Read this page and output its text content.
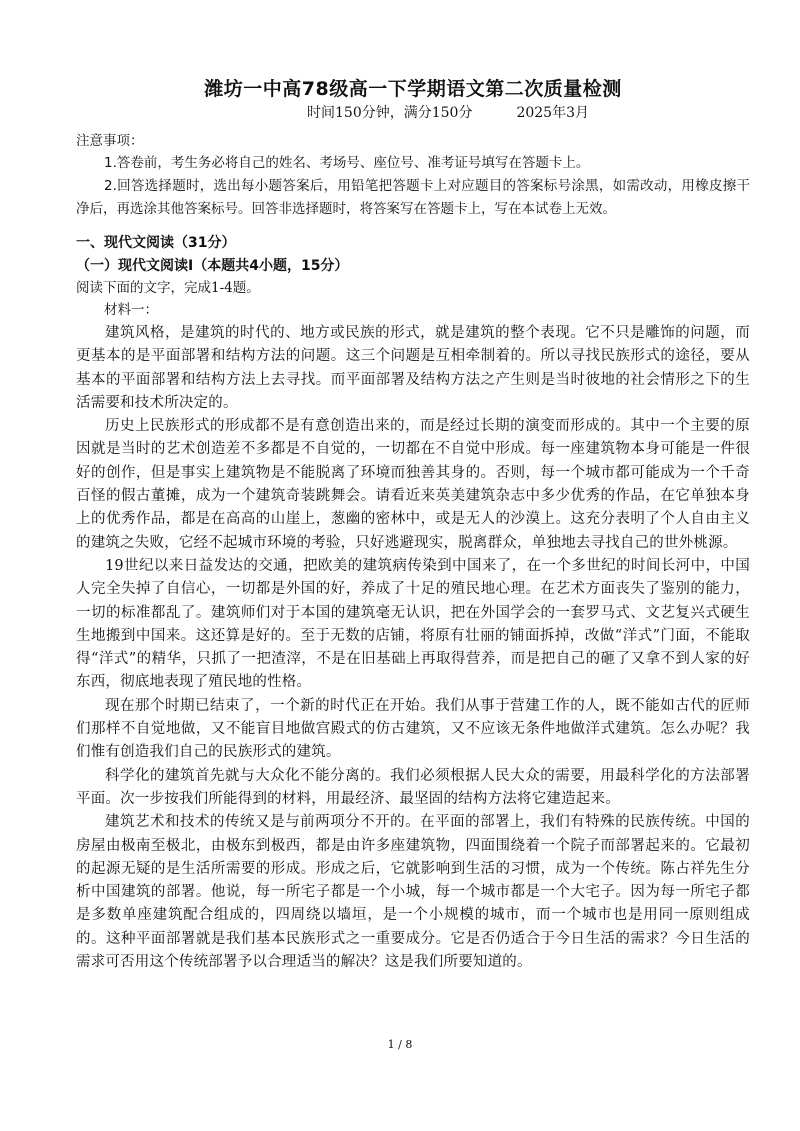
潍坊一中高78级高一下学期语文第二次质量检测

时间150分钟，满分150分	2025年3月

注意事项：

1.答卷前，考生务必将自己的姓名、考场号、座位号、准考证号填写在答题卡上。

2.回答选择题时，选出每小题答案后，用铅笔把答题卡上对应题目的答案标号涂黑，如需改动，用橡皮擦干净后，再选涂其他答案标号。回答非选择题时，将答案写在答题卡上，写在本试卷上无效。

一、现代文阅读（31分）

（一）现代文阅读Ⅰ（本题共4小题，15分）

阅读下面的文字，完成1-4题。

材料一：

建筑风格，是建筑的时代的、地方或民族的形式，就是建筑的整个表现。它不只是雕饰的问题，而更基本的是平面部署和结构方法的问题。这三个问题是互相牵制着的。所以寻找民族形式的途径，要从基本的平面部署和结构方法上去寻找。而平面部署及结构方法之产生则是当时彼地的社会情形之下的生活需要和技术所决定的。

历史上民族形式的形成都不是有意创造出来的，而是经过长期的演变而形成的。其中一个主要的原因就是当时的艺术创造差不多都是不自觉的，一切都在不自觉中形成。每一座建筑物本身可能是一件很好的创作，但是事实上建筑物是不能脱离了环境而独善其身的。否则，每一个城市都可能成为一个千奇百怪的假古董摊，成为一个建筑奇装跳舞会。请看近来英美建筑杂志中多少优秀的作品，在它单独本身上的优秀作品，都是在高高的山崖上，葱幽的密林中，或是无人的沙漠上。这充分表明了个人自由主义的建筑之失败，它经不起城市环境的考验，只好逃避现实，脱离群众，单独地去寻找自己的世外桃源。

19世纪以来日益发达的交通，把欧美的建筑病传染到中国来了，在一个多世纪的时间长河中，中国人完全失掉了自信心，一切都是外国的好，养成了十足的殖民地心理。在艺术方面丧失了鉴别的能力，一切的标准都乱了。建筑师们对于本国的建筑毫无认识，把在外国学会的一套罗马式、文艺复兴式硬生生地搬到中国来。这还算是好的。至于无数的店铺，将原有壮丽的铺面拆掉，改做“洋式”门面，不能取得“洋式”的精华，只抓了一把渣滓，不是在旧基础上再取得营养，而是把自己的砸了又拿不到人家的好东西，彻底地表现了殖民地的性格。

现在那个时期已结束了，一个新的时代正在开始。我们从事于营建工作的人，既不能如古代的匠师们那样不自觉地做，又不能盲目地做宫殿式的仿古建筑，又不应该无条件地做洋式建筑。怎么办呢？我们惟有创造我们自己的民族形式的建筑。

科学化的建筑首先就与大众化不能分离的。我们必须根据人民大众的需要，用最科学化的方法部署平面。次一步按我们所能得到的材料，用最经济、最坚固的结构方法将它建造起来。

建筑艺术和技术的传统又是与前两项分不开的。在平面的部署上，我们有特殊的民族传统。中国的房屋由极南至极北，由极东到极西，都是由许多座建筑物，四面围绕着一个院子而部署起来的。它最初的起源无疑的是生活所需要的形成。形成之后，它就影响到生活的习惯，成为一个传统。陈占祥先生分析中国建筑的部署。他说，每一所宅子都是一个小城，每一个城市都是一个大宅子。因为每一所宅子都是多数单座建筑配合组成的，四周绕以墙垣，是一个小规模的城市，而一个城市也是用同一原则组成的。这种平面部署就是我们基本民族形式之一重要成分。它是否仍适合于今日生活的需求？今日生活的需求可否用这个传统部署予以合理适当的解决？这是我们所要知道的。

1 / 8
